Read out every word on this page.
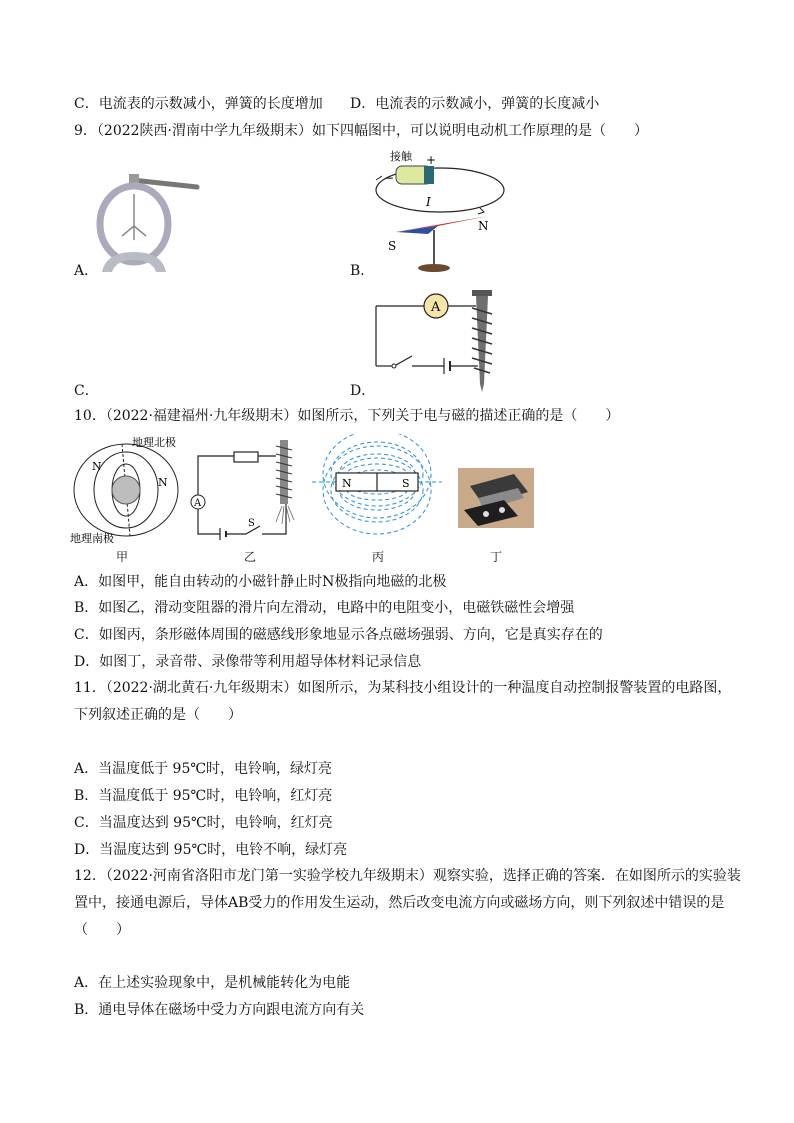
C．电流表的示数减小，弹簧的长度增加 D．电流表的示数减小，弹簧的长度减小
9．（2022陕西·渭南中学九年级期末）如下四幅图中，可以说明电动机工作原理的是（　　）
A．
接触 +
−
I
N
S
B．
A
C．	D．
10．（2022·福建福州·九年级期末）如图所示，下列关于电与磁的描述正确的是（　　）
N
N
地理北极
地理南极
甲
A
S
乙
N	S
丙	丁
A．如图甲，能自由转动的小磁针静止时N极指向地磁的北极
B．如图乙，滑动变阻器的滑片向左滑动，电路中的电阻变小，电磁铁磁性会增强
C．如图丙，条形磁体周围的磁感线形象地显示各点磁场强弱、方向，它是真实存在的
D．如图丁，录音带、录像带等利用超导体材料记录信息
11．（2022·湖北黄石·九年级期末）如图所示，为某科技小组设计的一种温度自动控制报警装置的电路图，
下列叙述正确的是（　　）
A．当温度低于 95℃时，电铃响，绿灯亮
B．当温度低于 95℃时，电铃响，红灯亮
C．当温度达到 95℃时，电铃响，红灯亮
D．当温度达到 95℃时，电铃不响，绿灯亮
12．（2022·河南省洛阳市龙门第一实验学校九年级期末）观察实验，选择正确的答案．在如图所示的实验装
置中，接通电源后，导体AB受力的作用发生运动，然后改变电流方向或磁场方向，则下列叙述中错误的是
（　　）
A．在上述实验现象中，是机械能转化为电能
B．通电导体在磁场中受力方向跟电流方向有关
